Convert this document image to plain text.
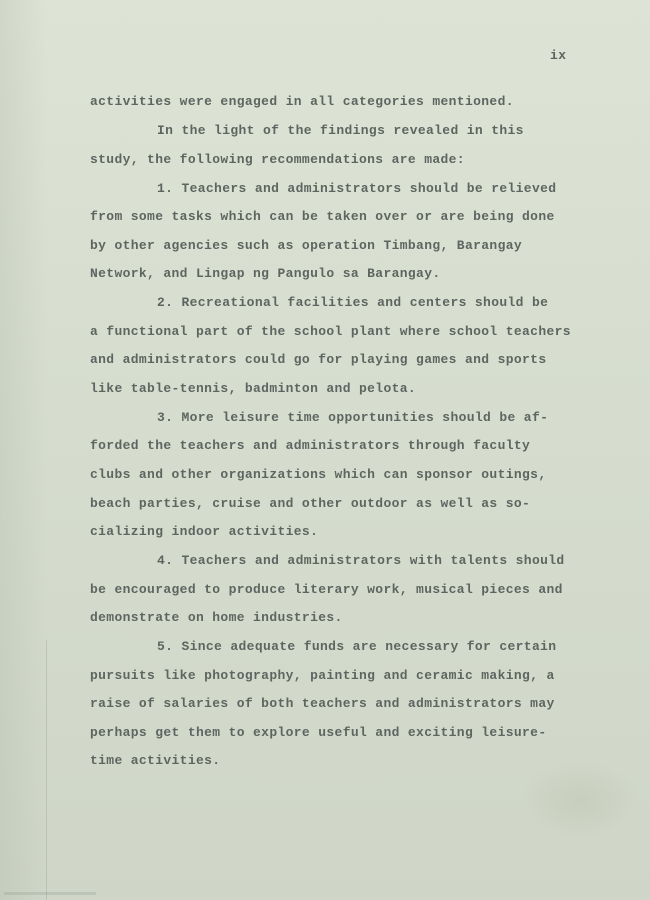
ix
activities were engaged in all categories mentioned.
In the light of the findings revealed in this
study, the following recommendations are made:
1. Teachers and administrators should be relieved
from some tasks which can be taken over or are being done
by other agencies such as operation Timbang, Barangay
Network, and Lingap ng Pangulo sa Barangay.
2. Recreational facilities and centers should be
a functional part of the school plant where school teachers
and administrators could go for playing games and sports
like table-tennis, badminton and pelota.
3. More leisure time opportunities should be af-
forded the teachers and administrators through faculty
clubs and other organizations which can sponsor outings,
beach parties, cruise and other outdoor as well as so-
cializing indoor activities.
4. Teachers and administrators with talents should
be encouraged to produce literary work, musical pieces and
demonstrate on home industries.
5. Since adequate funds are necessary for certain
pursuits like photography, painting and ceramic making, a
raise of salaries of both teachers and administrators may
perhaps get them to explore useful and exciting leisure-
time activities.
